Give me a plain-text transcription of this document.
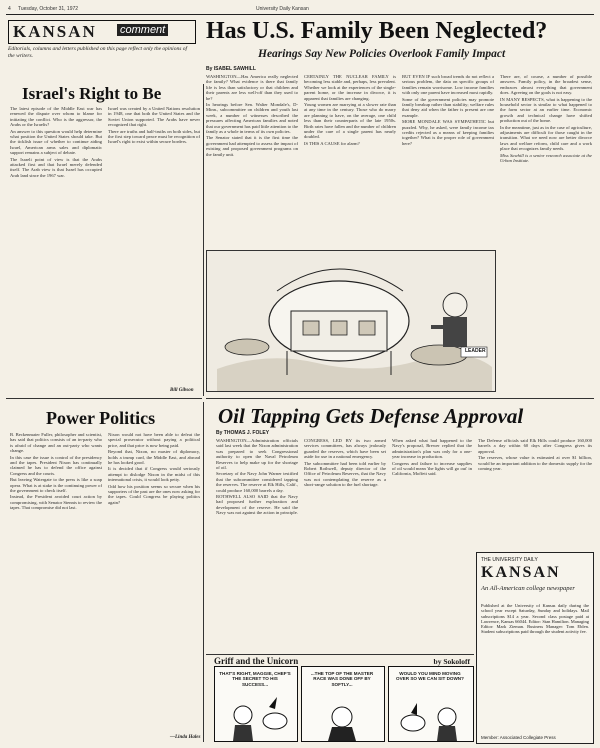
4 Tuesday, October 31, 1972	University Daily Kansan
KANSAN comment
Editorials, columns and letters published on this page reflect only the opinions of the writers.
Has U.S. Family Been Neglected?
Hearings Say New Policies Overlook Family Impact
By ISABEL SAWHILL

WASHINGTON—Has America really neglected the family? What evidence is there that family life is less than satisfactory or that children and their parents are less well-off than they used to be?

In hearings before Sen. Walter Mondale's, D-Minn., subcommittee on children and youth last week, a number of witnesses described the pressures affecting American families and noted that our government has paid little attention to the family as a whole in terms of its own policies.

The Senator stated that it is the first time the government had attempted to assess the impact of existing and proposed government programs on the family unit.

CERTAINLY THE NUCLEAR FAMILY is becoming less stable and, perhaps, less prevalent. Whether we look at the experiences of the single-parent home, or the increase in divorce, it is apparent that families are changing.

Young women are marrying at a slower rate than at any time in the century. Those who do marry are planning to have, on the average, one child less than their counterparts of the late 1950s. Birth rates have fallen and the number of children under the care of a single parent has nearly doubled.

IS THIS A CAUSE for alarm?

BUT EVEN IF such broad trends do not reflect a serious problem, the data on specific groups of families remain worrisome. Low income families with only one parent have increased most rapidly.

Some of the government policies may promote family breakup rather than stability; welfare rules that deny aid when the father is present are one example.

MORE MONDALE WAS SYMPATHETIC but puzzled. Why, he asked, were family income tax credits rejected as a means of keeping families together? What is the proper role of government here?

There are, of course, a number of possible answers. Family policy, in the broadest sense, embraces almost everything that government does. Agreeing on the goals is not easy.

IN MANY RESPECTS, what is happening to the household sector is similar to what happened to the farm sector at an earlier time. Economic growth and technical change have shifted production out of the home.

In the meantime, just as in the case of agriculture, adjustments are difficult for those caught in the transition. What we need now are better divorce laws and welfare reform, child care and a work place that recognizes family needs.

Miss Sawhill is a senior research associate at the Urban Institute.

LEADER
Israel's Right to Be

The latest episode of the Middle East war has renewed the dispute over whom to blame for initiating the conflict. Who is the aggressor, the Arabs or the Israelis?

An answer to this question would help determine what position the United States should take. But the ticklish issue of whether to continue aiding Israel, American arms sales and diplomatic support remains a subject of debate.

The Israeli point of view is that the Arabs attacked first and that Israel merely defended itself. The Arab view is that Israel has occupied Arab land since the 1967 war.

Israel was created by a United Nations resolution in 1948, one that both the United States and the Soviet Union supported. The Arabs have never recognized that right.

There are truths and half-truths on both sides, but the first step toward peace must be recognition of Israel's right to exist within secure borders.

Bill Gibson
Power Politics

B. Beckenmaier Fuller, philosopher and scientist, has said that politics consists of an in-party who is afraid of change and an out-party who wants change.

In this case the issue is control of the presidency and the tapes. President Nixon has continually claimed he has to defend the office against Congress and the courts.

But leaving Watergate to the press is like a soap opera. What is at stake is the continuing power of the government to check itself.

Instead, the President avoided court action by compromising, with Senator Stennis to review the tapes. That compromise did not last.

Nixon would not have been able to defeat the special prosecutor without paying a political price, and that price is now being paid.

Beyond that, Nixon, no master of diplomacy, holds a trump card, the Middle East, and abroad he has looked good.

It is decided that if Congress would seriously attempt to dislodge Nixon in the midst of this international crisis, it would look petty.

Odd how his position seems so secure when his supporters of the past are the ones now asking for the tapes. Could Congress be playing politics again?

—Linda Hales
Oil Tapping Gets Defense Approval
By THOMAS J. FOLEY

WASHINGTON—Administration officials said last week that the Nixon administration was prepared to seek Congressional authority to open the Naval Petroleum Reserves to help make up for the shortage of oil.

Secretary of the Navy John Warner testified that the subcommittee considered tapping the reserves. The reserve at Elk Hills, Calif., could produce 160,000 barrels a day.

ROTHWELL ALSO SAID that the Navy had proposed further exploration and development of the reserve. He said the Navy was not against the action in principle.

CONGRESS, LED BY its two armed services committees, has always jealously guarded the reserves, which have been set aside for use in a national emergency.

The subcommittee had been told earlier by Robert Rothwell, deputy director of the Office of Petroleum Reserves, that the Navy was not contemplating the reserve as a short-range solution to the fuel shortage.

When asked what had happened to the Navy's proposal, Brewer replied that the administration's plan was only for a one-year increase in production.

Congress and failure to increase supplies of oil would mean 'the lights will go out' in California, Moffett said.

The Defense officials said Elk Hills could produce 160,000 barrels a day within 60 days after Congress gives its approval.

The reserves, whose value is estimated at over $1 billion, would be an important addition to the domestic supply for the coming year.

THE UNIVERSITY DAILY
KANSAN
An All-American college newspaper
Published at the University of Kansas daily during the school year except Saturday, Sunday and holidays. Mail subscriptions $14 a year. Second class postage paid at Lawrence, Kansas 66044. Editor: Stan Hamilton. Managing Editor: Mark Zieman. Business Manager: Tom Eblen. Student subscriptions paid through the student activity fee.
Member: Associated Collegiate Press
Griff and the Unicorn	by Sokoloff
THAT'S RIGHT, MAGGIE, CHEF'S THE SECRET TO HIS SUCCESS...
...THE TOP OF THE MASTER RACE WAS DONE OFF BY SOFTLY...
WOULD YOU MIND MOVING OVER SO WE CAN SIT DOWN?
